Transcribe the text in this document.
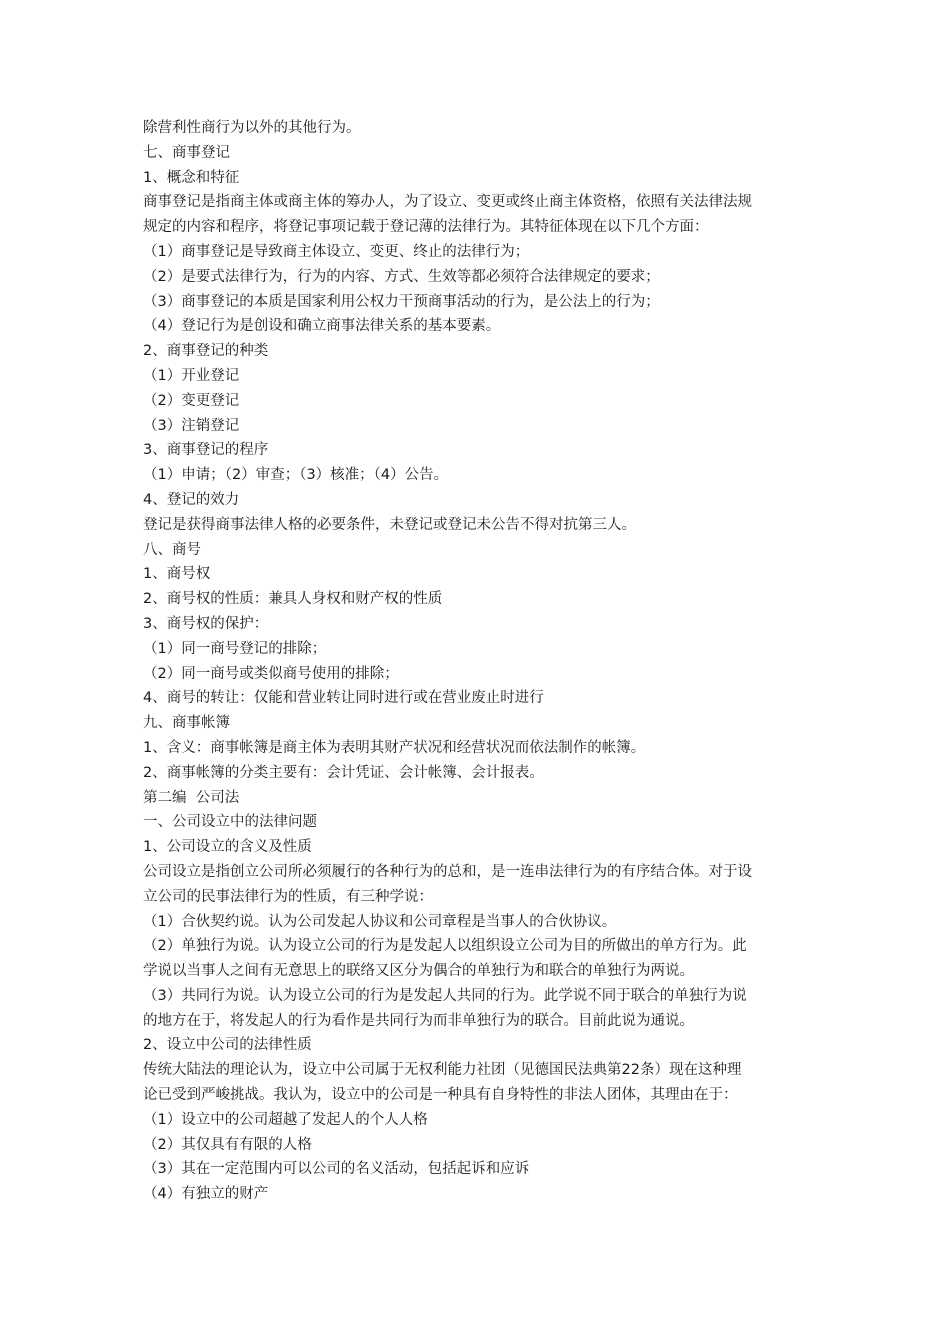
除营利性商行为以外的其他行为。
七、商事登记
1、概念和特征
商事登记是指商主体或商主体的筹办人，为了设立、变更或终止商主体资格，依照有关法律法规
规定的内容和程序，将登记事项记载于登记薄的法律行为。其特征体现在以下几个方面：
（1）商事登记是导致商主体设立、变更、终止的法律行为；
（2）是要式法律行为，行为的内容、方式、生效等都必须符合法律规定的要求；
（3）商事登记的本质是国家利用公权力干预商事活动的行为，是公法上的行为；
（4）登记行为是创设和确立商事法律关系的基本要素。
2、商事登记的种类
（1）开业登记
（2）变更登记
（3）注销登记
3、商事登记的程序
（1）申请；（2）审查；（3）核准；（4）公告。
4、登记的效力
登记是获得商事法律人格的必要条件，未登记或登记未公告不得对抗第三人。
八、商号
1、商号权
2、商号权的性质：兼具人身权和财产权的性质
3、商号权的保护：
（1）同一商号登记的排除；
（2）同一商号或类似商号使用的排除；
4、商号的转让：仅能和营业转让同时进行或在营业废止时进行
九、商事帐簿
1、含义：商事帐簿是商主体为表明其财产状况和经营状况而依法制作的帐簿。
2、商事帐簿的分类主要有：会计凭证、会计帐簿、会计报表。
第二编  公司法
一、公司设立中的法律问题
1、公司设立的含义及性质
公司设立是指创立公司所必须履行的各种行为的总和，是一连串法律行为的有序结合体。对于设
立公司的民事法律行为的性质，有三种学说：
（1）合伙契约说。认为公司发起人协议和公司章程是当事人的合伙协议。
（2）单独行为说。认为设立公司的行为是发起人以组织设立公司为目的所做出的单方行为。此
学说以当事人之间有无意思上的联络又区分为偶合的单独行为和联合的单独行为两说。
（3）共同行为说。认为设立公司的行为是发起人共同的行为。此学说不同于联合的单独行为说
的地方在于，将发起人的行为看作是共同行为而非单独行为的联合。目前此说为通说。
2、设立中公司的法律性质
传统大陆法的理论认为，设立中公司属于无权利能力社团（见德国民法典第22条）现在这种理
论已受到严峻挑战。我认为，设立中的公司是一种具有自身特性的非法人团体，其理由在于：
（1）设立中的公司超越了发起人的个人人格
（2）其仅具有有限的人格
（3）其在一定范围内可以公司的名义活动，包括起诉和应诉
（4）有独立的财产
